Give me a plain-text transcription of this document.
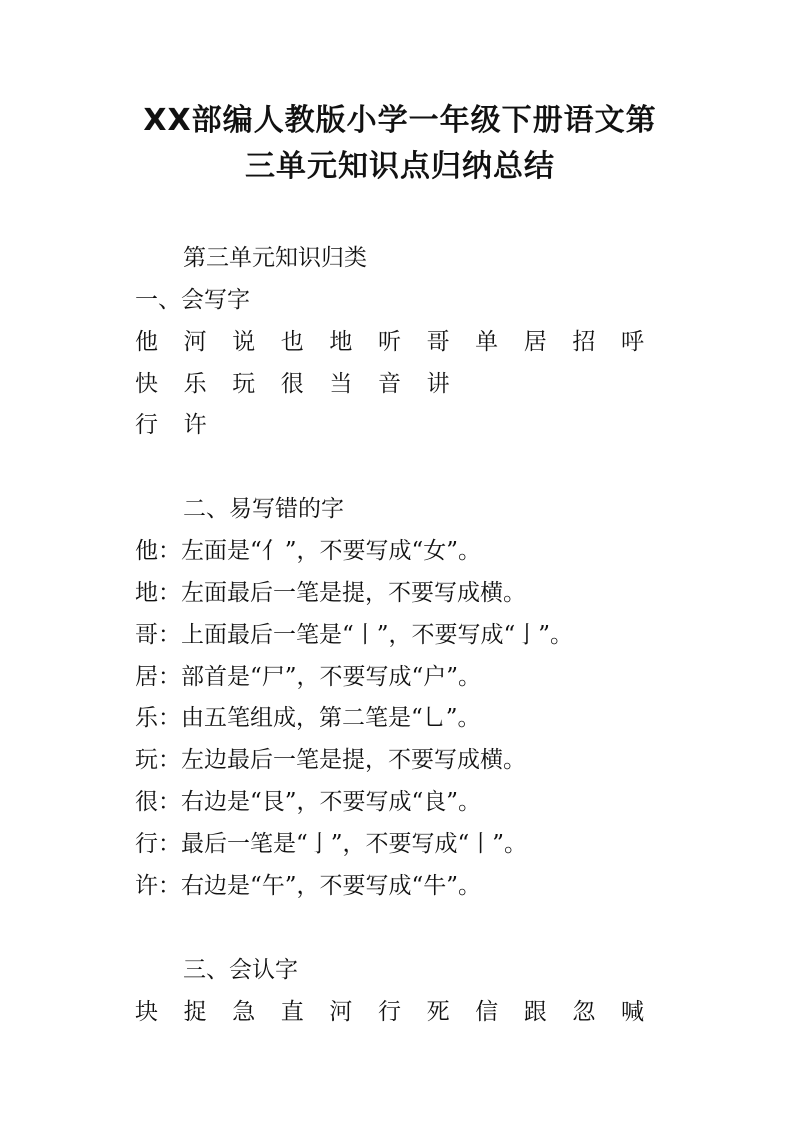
XX部编人教版小学一年级下册语文第
三单元知识点归纳总结
第三单元知识归类
一、会写字
他 河 说 也 地 听 哥 单 居 招 呼
快 乐 玩 很 当 音 讲
行 许
二、易写错的字
他：左面是“亻”，不要写成“女”。
地：左面最后一笔是提，不要写成横。
哥：上面最后一笔是“丨”，不要写成“亅”。
居：部首是“尸”，不要写成“户”。
乐：由五笔组成，第二笔是“乚”。
玩：左边最后一笔是提，不要写成横。
很：右边是“艮”，不要写成“良”。
行：最后一笔是“亅”，不要写成“丨”。
许：右边是“午”，不要写成“牛”。
三、会认字
块 捉 急 直 河 行 死 信 跟 忽 喊
